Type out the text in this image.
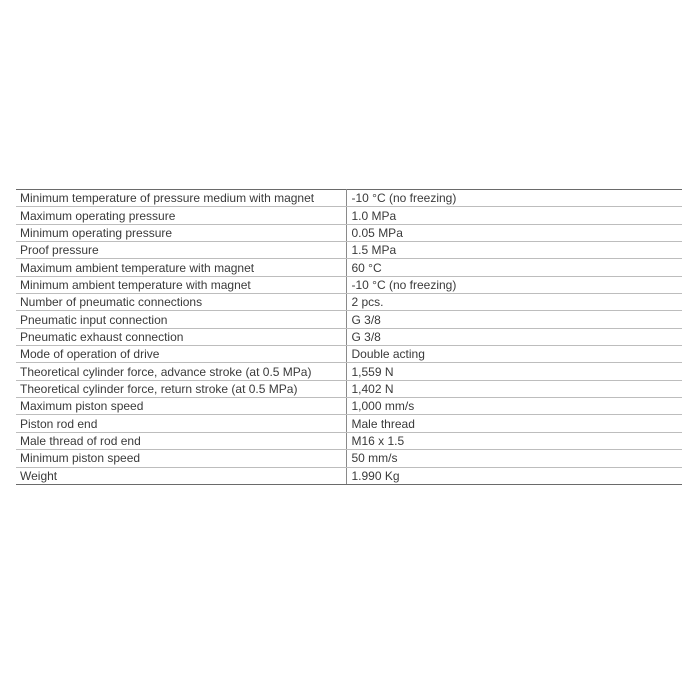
Minimum temperature of pressure medium with magnet	-10 °C (no freezing)
Maximum operating pressure	1.0 MPa
Minimum operating pressure	0.05 MPa
Proof pressure	1.5 MPa
Maximum ambient temperature with magnet	60 °C
Minimum ambient temperature with magnet	-10 °C (no freezing)
Number of pneumatic connections	2 pcs.
Pneumatic input connection	G 3/8
Pneumatic exhaust connection	G 3/8
Mode of operation of drive	Double acting
Theoretical cylinder force, advance stroke (at 0.5 MPa)	1,559 N
Theoretical cylinder force, return stroke (at 0.5 MPa)	1,402 N
Maximum piston speed	1,000 mm/s
Piston rod end	Male thread
Male thread of rod end	M16 x 1.5
Minimum piston speed	50 mm/s
Weight	1.990 Kg
